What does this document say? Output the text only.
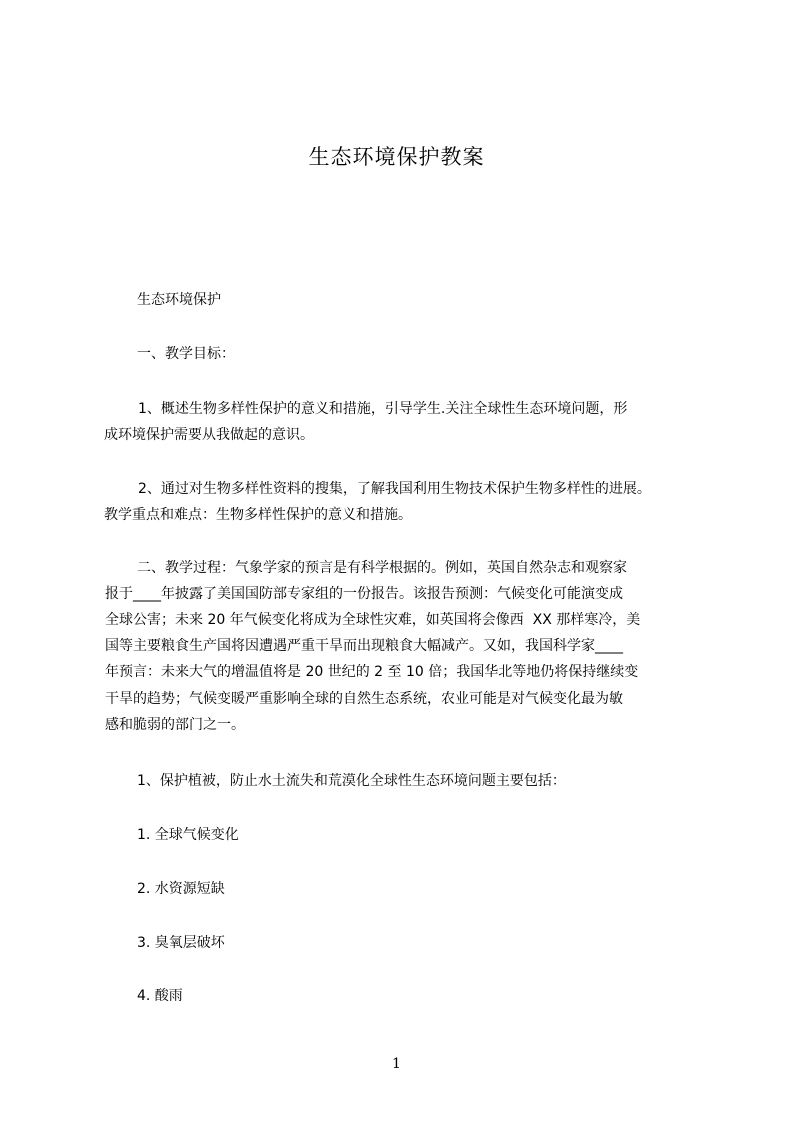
生态环境保护教案
生态环境保护
一、教学目标：
1、概述生物多样性保护的意义和措施，引导学生.关注全球性生态环境问题，形
成环境保护需要从我做起的意识。
2、通过对生物多样性资料的搜集，了解我国利用生物技术保护生物多样性的进展。
教学重点和难点：生物多样性保护的意义和措施。
二、教学过程：气象学家的预言是有科学根据的。例如，英国自然杂志和观察家
报于____年披露了美国国防部专家组的一份报告。该报告预测：气候变化可能演变成
全球公害；未来 20 年气候变化将成为全球性灾难，如英国将会像西  XX 那样寒冷，美
国等主要粮食生产国将因遭遇严重干旱而出现粮食大幅减产。又如，我国科学家____
年预言：未来大气的增温值将是 20 世纪的 2 至 10 倍；我国华北等地仍将保持继续变
干旱的趋势；气候变暖严重影响全球的自然生态系统，农业可能是对气候变化最为敏
感和脆弱的部门之一。
1、保护植被，防止水土流失和荒漠化全球性生态环境问题主要包括：
1. 全球气候变化
2. 水资源短缺
3. 臭氧层破坏
4. 酸雨
1
